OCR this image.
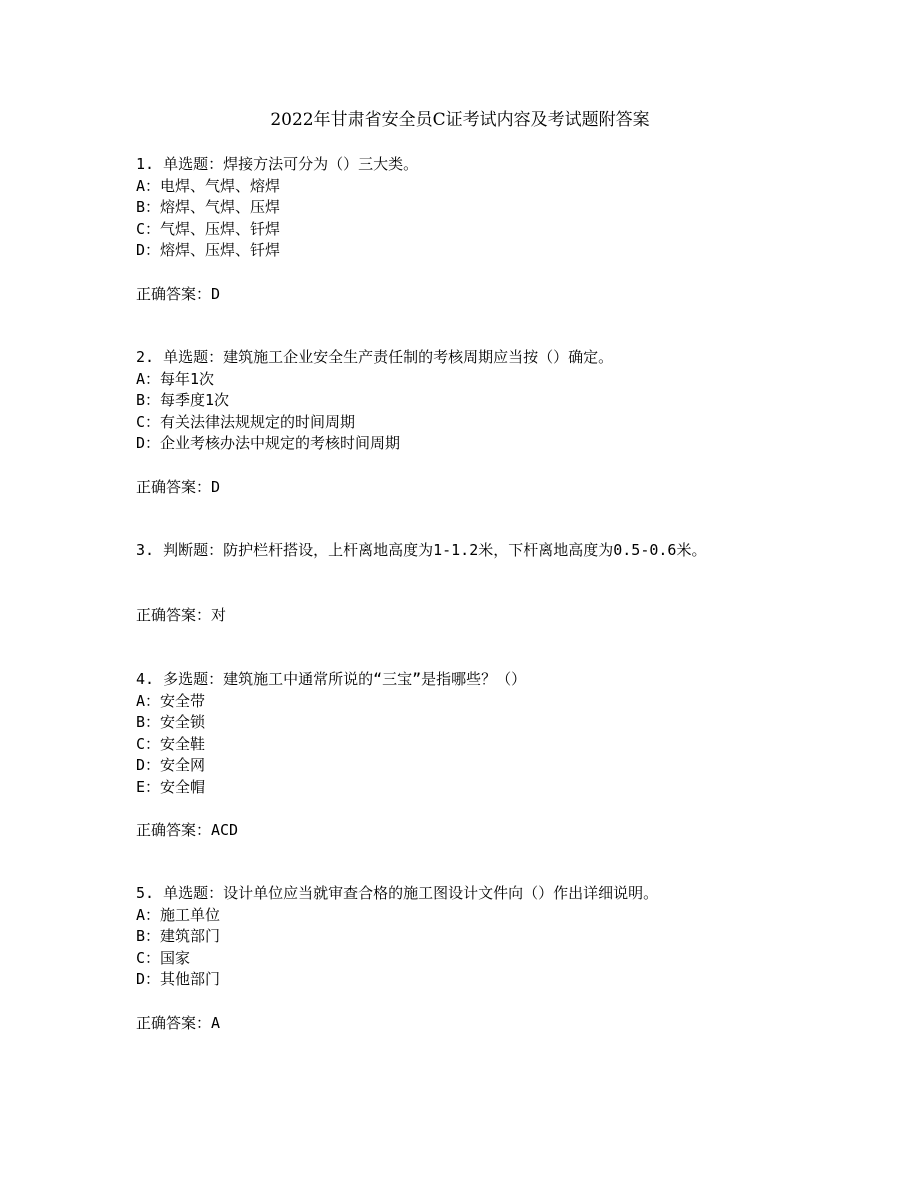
2022年甘肃省安全员C证考试内容及考试题附答案
1. 单选题：焊接方法可分为（）三大类。
A：电焊、气焊、熔焊
B：熔焊、气焊、压焊
C：气焊、压焊、钎焊
D：熔焊、压焊、钎焊
正确答案：D
2. 单选题：建筑施工企业安全生产责任制的考核周期应当按（）确定。
A：每年1次
B：每季度1次
C：有关法律法规规定的时间周期
D：企业考核办法中规定的考核时间周期
正确答案：D
3. 判断题：防护栏杆搭设，上杆离地高度为1-1.2米，下杆离地高度为0.5-0.6米。
正确答案：对
4. 多选题：建筑施工中通常所说的“三宝”是指哪些？（）
A：安全带
B：安全锁
C：安全鞋
D：安全网
E：安全帽
正确答案：ACD
5. 单选题：设计单位应当就审查合格的施工图设计文件向（）作出详细说明。
A：施工单位
B：建筑部门
C：国家
D：其他部门
正确答案：A
